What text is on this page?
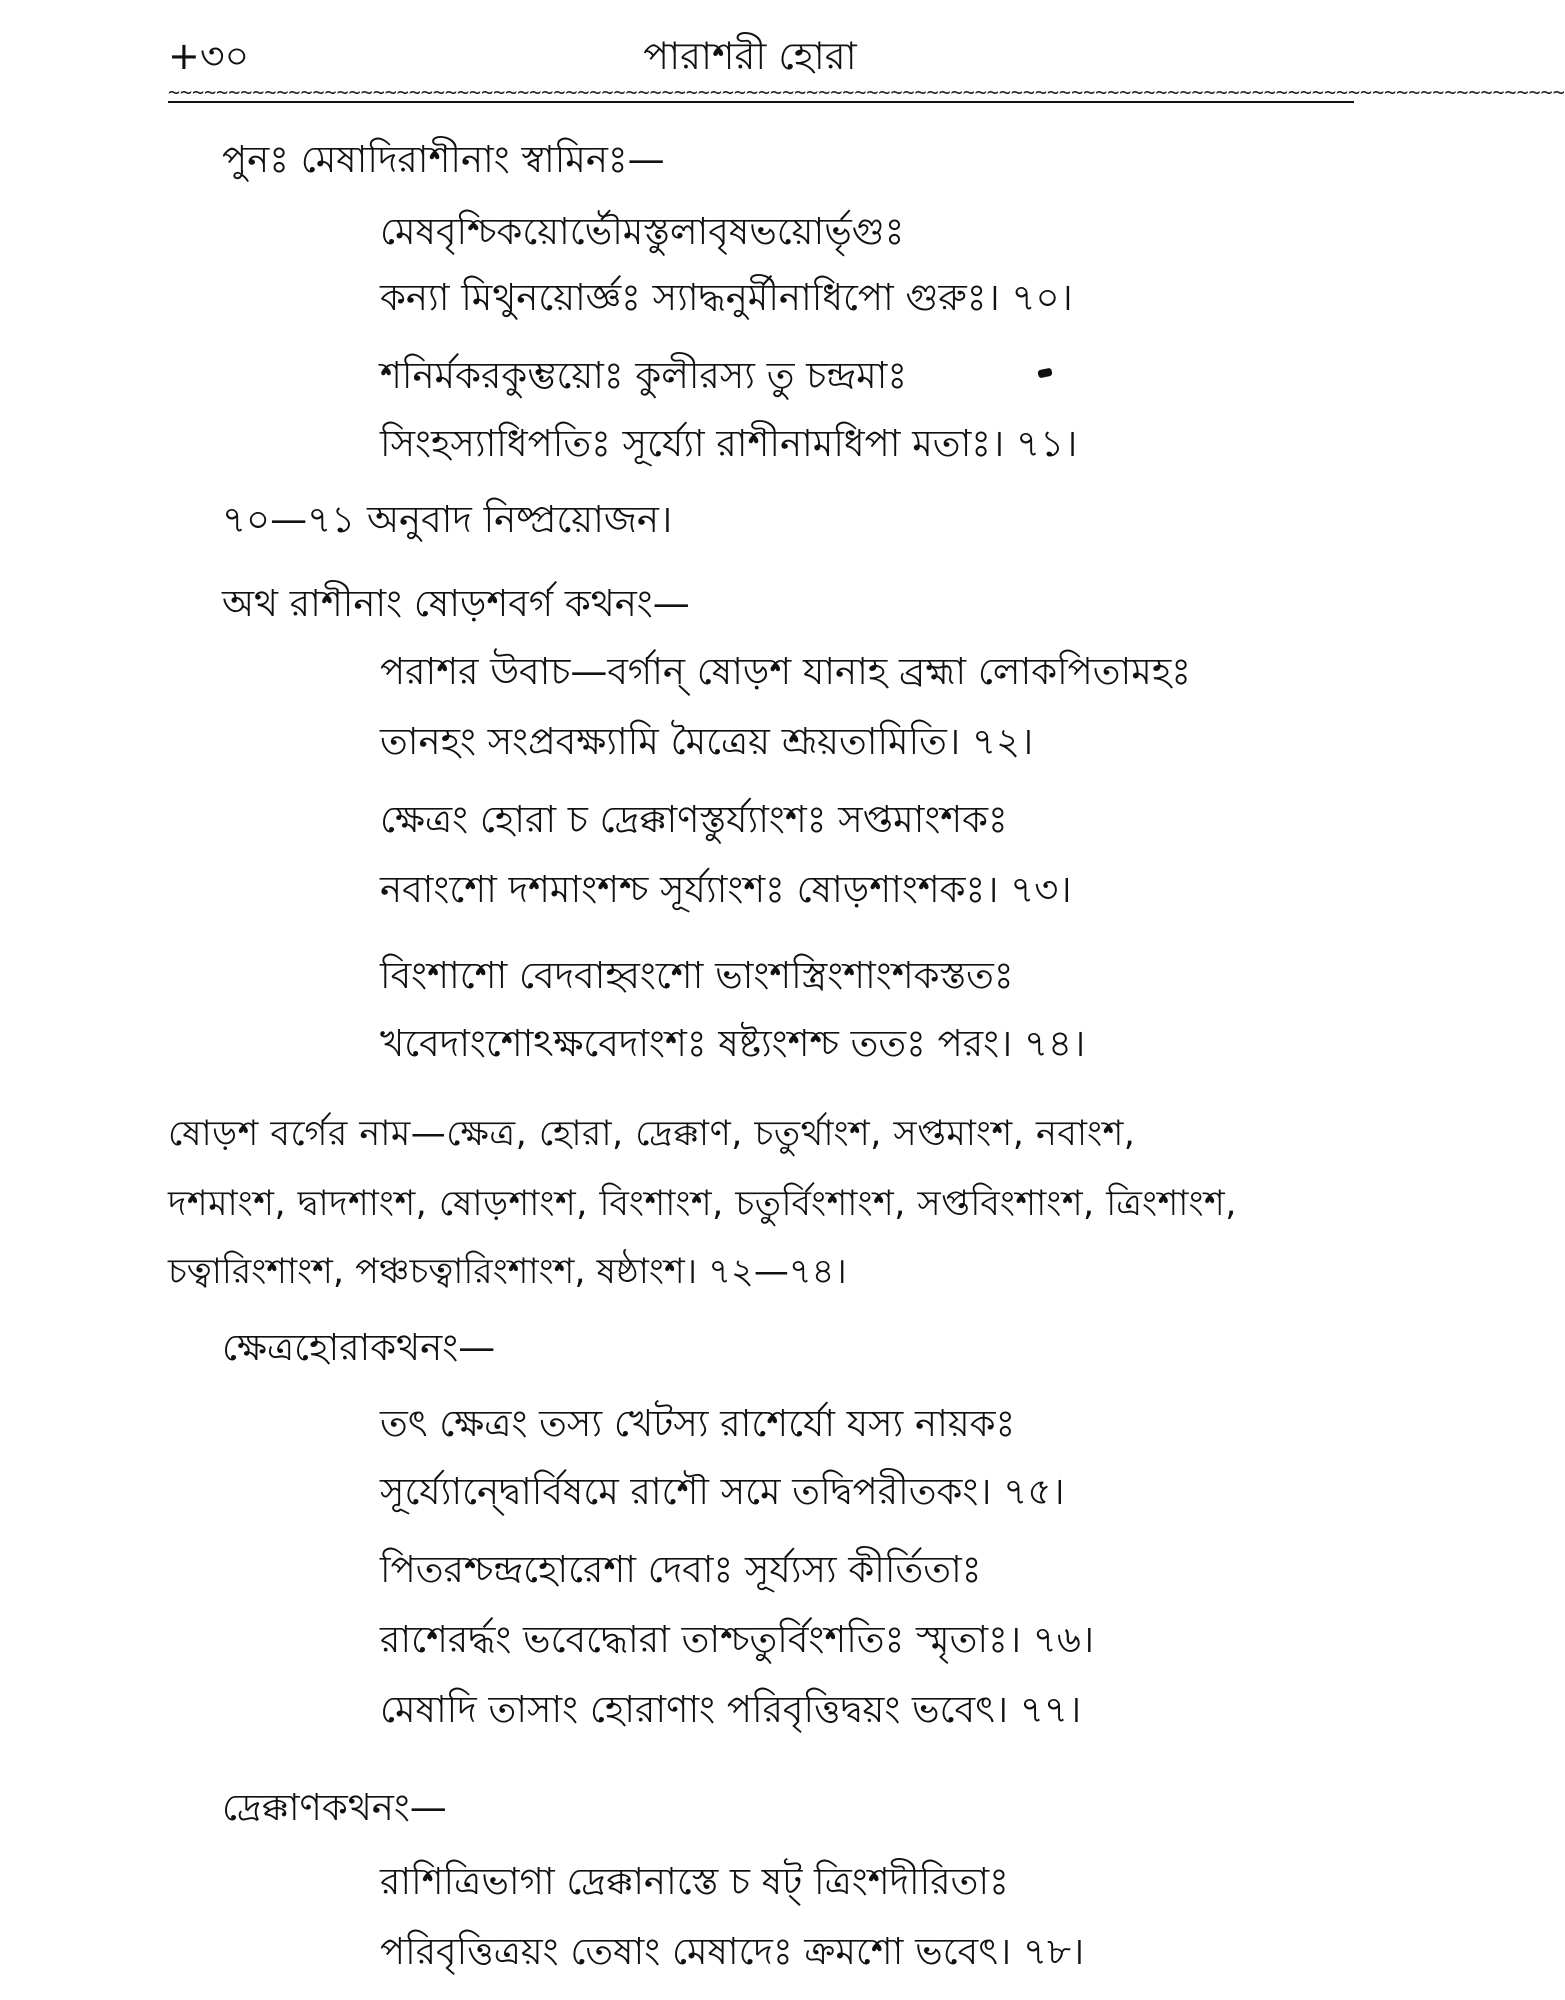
+৩০	পারাশরী হোরা
~~~~~~~~~~~~~~~~~~~~~~~~~~~~~~~~~~~~~~~~~~~~~~~~~~~~~~~~~~~~~~~~~~~~~~~~~~~~~~~~~~~~~~~~~~~~~~~~~~~~~~~~~~~~~~~~~~~~
পুনঃ মেষাদিরাশীনাং স্বামিনঃ—
মেষবৃশ্চিকয়োর্ভৌমস্তুলাবৃষভয়োর্ভৃগুঃ
কন্যা মিথুনয়োর্জ্ঞঃ স্যাদ্ধনুর্মীনাধিপো গুরুঃ। ৭০।
শনির্মকরকুম্ভয়োঃ কুলীরস্য তু চন্দ্রমাঃ
সিংহস্যাধিপতিঃ সূর্য্যো রাশীনামধিপা মতাঃ। ৭১।
৭০—৭১ অনুবাদ নিষ্প্রয়োজন।
অথ রাশীনাং ষোড়শবর্গ কথনং—
পরাশর উবাচ—বর্গান্ ষোড়শ যানাহ ব্রহ্মা লোকপিতামহঃ
তানহং সংপ্রবক্ষ্যামি মৈত্রেয় শ্রূয়তামিতি। ৭২।
ক্ষেত্রং হোরা চ দ্রেক্কাণস্তুর্য্যাংশঃ সপ্তমাংশকঃ
নবাংশো দশমাংশশ্চ সূর্য্যাংশঃ ষোড়শাংশকঃ। ৭৩।
বিংশাশো বেদবাহ্বংশো ভাংশস্ত্রিংশাংশকস্ততঃ
খবেদাংশোঽক্ষবেদাংশঃ ষষ্ট্যংশশ্চ ততঃ পরং। ৭৪।
ষোড়শ বর্গের নাম—ক্ষেত্র, হোরা, দ্রেক্কাণ, চতুর্থাংশ, সপ্তমাংশ, নবাংশ,
দশমাংশ, দ্বাদশাংশ, ষোড়শাংশ, বিংশাংশ, চতুর্বিংশাংশ, সপ্তবিংশাংশ, ত্রিংশাংশ,
চত্বারিংশাংশ, পঞ্চচত্বারিংশাংশ, ষষ্ঠাংশ। ৭২—৭৪।
ক্ষেত্রহোরাকথনং—
তৎ ক্ষেত্রং তস্য খেটস্য রাশের্যো যস্য নায়কঃ
সূর্য্যোন্দ্বোর্বিষমে রাশৌ সমে তদ্বিপরীতকং। ৭৫।
পিতরশ্চন্দ্রহোরেশা দেবাঃ সূর্য্যস্য কীর্তিতাঃ
রাশেরর্দ্ধং ভবেদ্ধোরা তাশ্চতুর্বিংশতিঃ স্মৃতাঃ। ৭৬।
মেষাদি তাসাং হোরাণাং পরিবৃত্তিদ্বয়ং ভবেৎ। ৭৭।
দ্রেক্কাণকথনং—
রাশিত্রিভাগা দ্রেক্কানাস্তে চ ষট্ ত্রিংশদীরিতাঃ
পরিবৃত্তিত্রয়ং তেষাং মেষাদেঃ ক্রমশো ভবেৎ। ৭৮।
